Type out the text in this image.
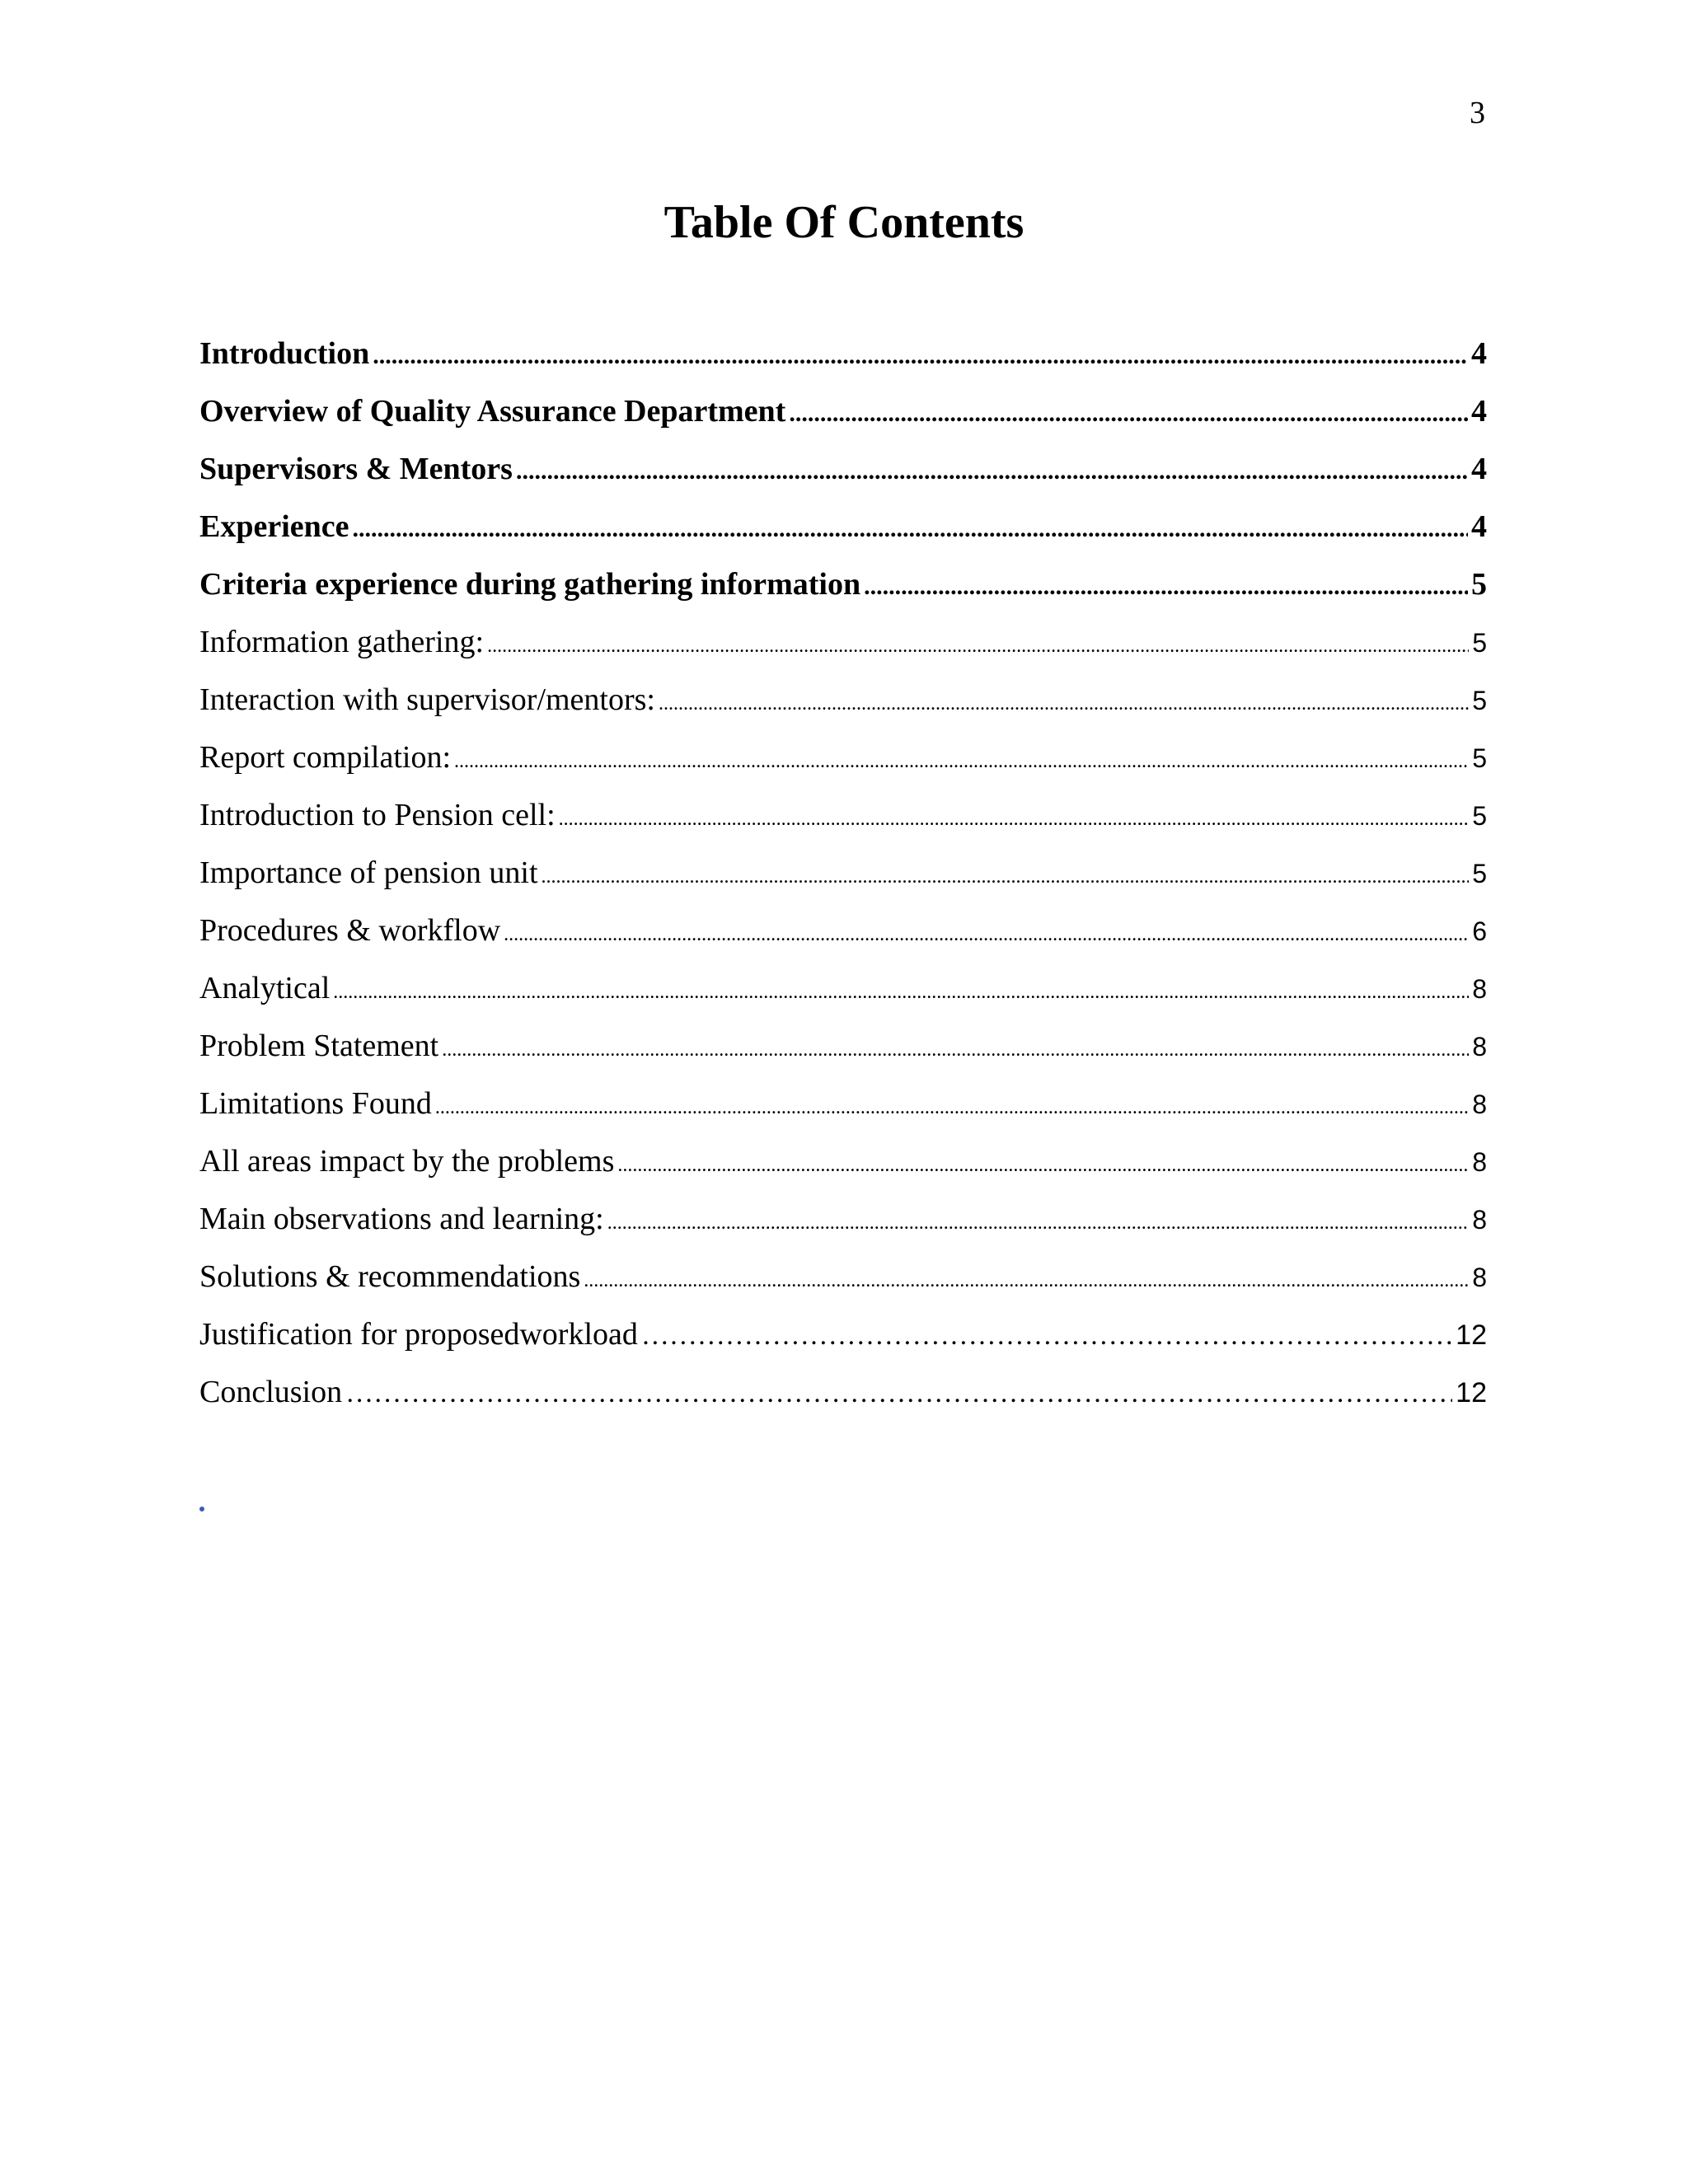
3
Table Of Contents
Introduction .....	4
Overview of Quality Assurance Department .....	4
Supervisors & Mentors .....	4
Experience .....	4
Criteria experience during gathering information .....	5
Information gathering: .....	5
Interaction with supervisor/mentors: .....	5
Report compilation: .....	5
Introduction to Pension cell: .....	5
Importance of pension unit .....	5
Procedures & workflow .....	6
Analytical .....	8
Problem Statement .....	8
Limitations Found .....	8
All areas impact by the problems .....	8
Main observations and learning: .....	8
Solutions & recommendations .....	8
Justification for proposedworkload ……………………………………………………………………………………………………………………………………………………………………………………………………	12
Conclusion ……………………………………………………………………………………………………………………………………………………………………………………………………	12
